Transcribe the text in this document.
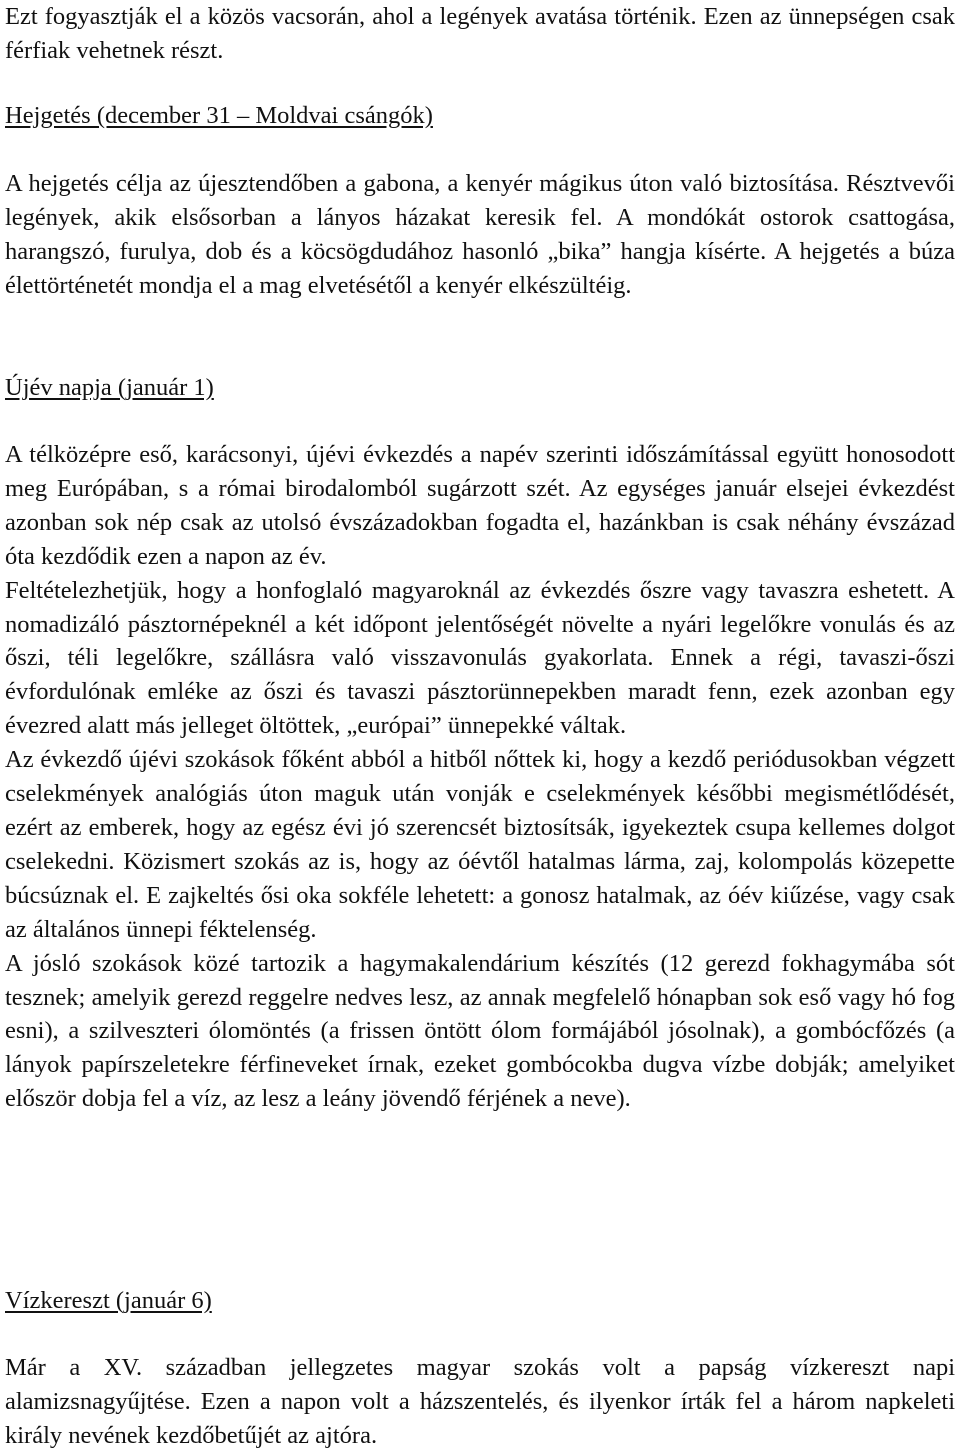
Ezt fogyasztják el a közös vacsorán, ahol a legények avatása történik. Ezen az ünnepségen csak férfiak vehetnek részt.

Hejgetés (december 31 – Moldvai csángók)

A hejgetés célja az újesztendőben a gabona, a kenyér mágikus úton való biztosítása. Résztvevői legények, akik elsősorban a lányos házakat keresik fel. A mondókát ostorok csattogása, harangszó, furulya, dob és a köcsögdudához hasonló „bika” hangja kísérte. A hejgetés a búza élettörténetét mondja el a mag elvetésétől a kenyér elkészültéig.

Újév napja (január 1)

A télközépre eső, karácsonyi, újévi évkezdés a napév szerinti időszámítással együtt honosodott meg Európában, s a római birodalomból sugárzott szét. Az egységes január elsejei évkezdést azonban sok nép csak az utolsó évszázadokban fogadta el, hazánkban is csak néhány évszázad óta kezdődik ezen a napon az év.

Feltételezhetjük, hogy a honfoglaló magyaroknál az évkezdés őszre vagy tavaszra eshetett. A nomadizáló pásztornépeknél a két időpont jelentőségét növelte a nyári legelőkre vonulás és az őszi, téli legelőkre, szállásra való visszavonulás gyakorlata. Ennek a régi, tavaszi-őszi évfordulónak emléke az őszi és tavaszi pásztorünnepekben maradt fenn, ezek azonban egy évezred alatt más jelleget öltöttek, „európai” ünnepekké váltak.

Az évkezdő újévi szokások főként abból a hitből nőttek ki, hogy a kezdő periódusokban végzett cselekmények analógiás úton maguk után vonják e cselekmények későbbi megismétlődését, ezért az emberek, hogy az egész évi jó szerencsét biztosítsák, igyekeztek csupa kellemes dolgot cselekedni. Közismert szokás az is, hogy az óévtől hatalmas lárma, zaj, kolompolás közepette búcsúznak el. E zajkeltés ősi oka sokféle lehetett: a gonosz hatalmak, az óév kiűzése, vagy csak az általános ünnepi féktelenség.

A jósló szokások közé tartozik a hagymakalendárium készítés (12 gerezd fokhagymába sót tesznek; amelyik gerezd reggelre nedves lesz, az annak megfelelő hónapban sok eső vagy hó fog esni), a szilveszteri ólomöntés (a frissen öntött ólom formájából jósolnak), a gombócfőzés (a lányok papírszeletekre férfineveket írnak, ezeket gombócokba dugva vízbe dobják; amelyiket először dobja fel a víz, az lesz a leány jövendő férjének a neve).

Vízkereszt (január 6)

Már a XV. században jellegzetes magyar szokás volt a papság vízkereszt napi alamizsnagyűjtése. Ezen a napon volt a házszentelés, és ilyenkor írták fel a három napkeleti király nevének kezdőbetűjét az ajtóra.
